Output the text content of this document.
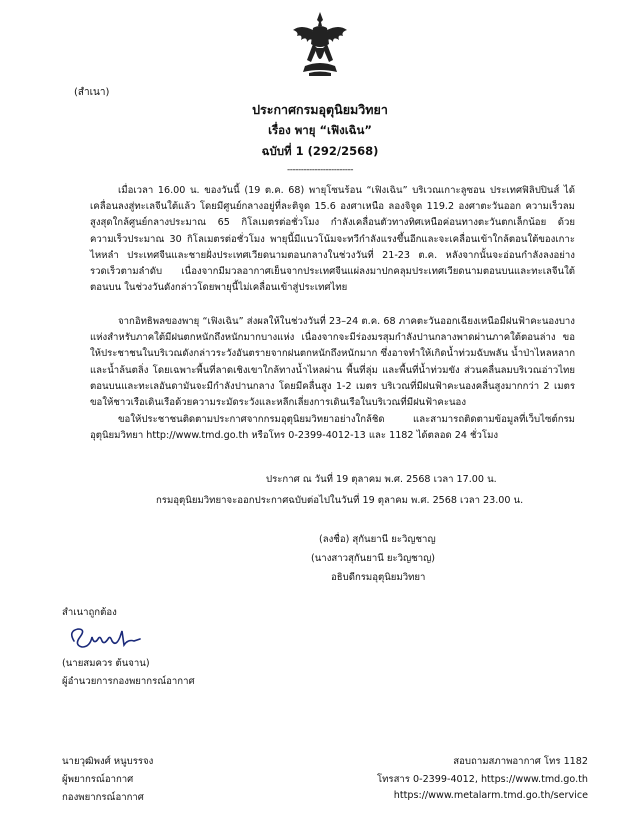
(สำเนา)
ประกาศกรมอุตุนิยมวิทยา
เรื่อง พายุ “เฟิงเฉิน”
ฉบับที่ 1 (292/2568)
------------------------
เมื่อเวลา 16.00 น. ของวันนี้ (19 ต.ค. 68) พายุโซนร้อน “เฟิงเฉิน” บริเวณเกาะลูซอน ประเทศฟิลิปปินส์ ได้เคลื่อนลงสู่ทะเลจีนใต้แล้ว โดยมีศูนย์กลางอยู่ที่ละติจูด 15.6 องศาเหนือ ลองจิจูด 119.2 องศาตะวันออก ความเร็วลมสูงสุดใกล้ศูนย์กลางประมาณ 65 กิโลเมตรต่อชั่วโมง กำลังเคลื่อนตัวทางทิศเหนือค่อนทางตะวันตกเล็กน้อย ด้วยความเร็วประมาณ 30 กิโลเมตรต่อชั่วโมง พายุนี้มีแนวโน้มจะทวีกำลังแรงขึ้นอีกและจะเคลื่อนเข้าใกล้ตอนใต้ของเกาะไหหลำ ประเทศจีนและชายฝั่งประเทศเวียดนามตอนกลางในช่วงวันที่ 21-23 ต.ค. หลังจากนั้นจะอ่อนกำลังลงอย่างรวดเร็วตามลำดับ เนื่องจากมีมวลอากาศเย็นจากประเทศจีนแผ่ลงมาปกคลุมประเทศเวียดนามตอนบนและทะเลจีนใต้ตอนบน ในช่วงวันดังกล่าวโดยพายุนี้ไม่เคลื่อนเข้าสู่ประเทศไทย
จากอิทธิพลของพายุ “เฟิงเฉิน” ส่งผลให้ในช่วงวันที่ 23–24 ต.ค. 68 ภาคตะวันออกเฉียงเหนือมีฝนฟ้าคะนองบางแห่งสำหรับภาคใต้มีฝนตกหนักถึงหนักมากบางแห่ง เนื่องจากจะมีร่องมรสุมกำลังปานกลางพาดผ่านภาคใต้ตอนล่าง ขอให้ประชาชนในบริเวณดังกล่าวระวังอันตรายจากฝนตกหนักถึงหนักมาก ซึ่งอาจทำให้เกิดน้ำท่วมฉับพลัน น้ำป่าไหลหลาก และน้ำล้นตลิ่ง โดยเฉพาะพื้นที่ลาดเชิงเขาใกล้ทางน้ำไหลผ่าน พื้นที่ลุ่ม และพื้นที่น้ำท่วมขัง ส่วนคลื่นลมบริเวณอ่าวไทยตอนบนและทะเลอันดามันจะมีกำลังปานกลาง โดยมีคลื่นสูง 1-2 เมตร บริเวณที่มีฝนฟ้าคะนองคลื่นสูงมากกว่า 2 เมตร ขอให้ชาวเรือเดินเรือด้วยความระมัดระวังและหลีกเลี่ยงการเดินเรือในบริเวณที่มีฝนฟ้าคะนอง
ขอให้ประชาชนติดตามประกาศจากกรมอุตุนิยมวิทยาอย่างใกล้ชิด และสามารถติดตามข้อมูลที่เว็บไซต์กรมอุตุนิยมวิทยา http://www.tmd.go.th หรือโทร 0-2399-4012-13 และ 1182 ได้ตลอด 24 ชั่วโมง
ประกาศ ณ วันที่ 19 ตุลาคม พ.ศ. 2568 เวลา 17.00 น.
กรมอุตุนิยมวิทยาจะออกประกาศฉบับต่อไปในวันที่ 19 ตุลาคม พ.ศ. 2568 เวลา 23.00 น.
(ลงชื่อ) สุกันยานี ยะวิญชาญ
(นางสาวสุกันยานี ยะวิญชาญ)
อธิบดีกรมอุตุนิยมวิทยา
สำเนาถูกต้อง
(นายสมควร ต้นจาน)
ผู้อำนวยการกองพยากรณ์อากาศ
นายวุฒิพงศ์ หนูบรรจง
ผู้พยากรณ์อากาศ
กองพยากรณ์อากาศ
สอบถามสภาพอากาศ โทร 1182
โทรสาร 0-2399-4012, https://www.tmd.go.th
https://www.metalarm.tmd.go.th/service
